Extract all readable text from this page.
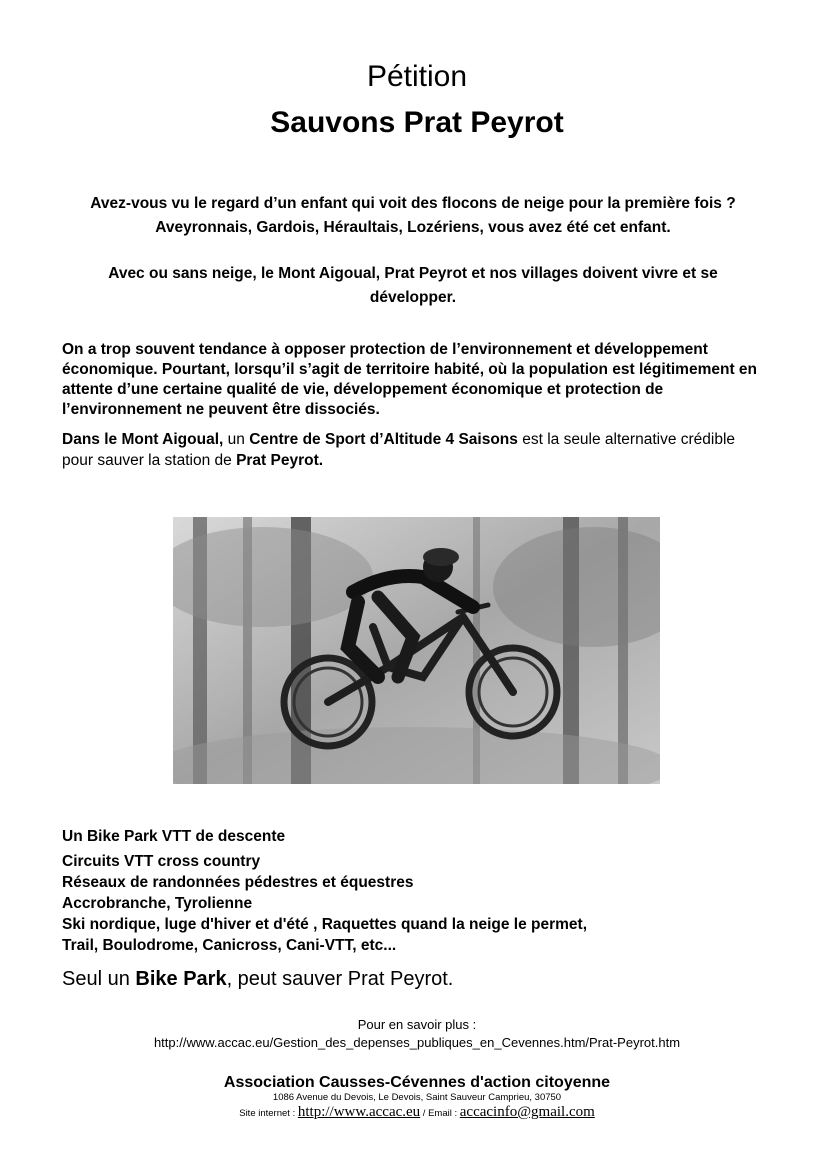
Pétition
Sauvons Prat Peyrot
Avez-vous vu le regard d’un enfant qui voit des flocons de neige pour la première fois ?
Aveyronnais, Gardois, Héraultais, Lozériens, vous avez été cet enfant.
Avec ou sans neige, le Mont Aigoual, Prat Peyrot et nos villages doivent vivre et se
développer.
On a trop souvent tendance à opposer protection de l’environnement et développement économique. Pourtant, lorsqu’il s’agit de territoire habité, où la population est légitimement en attente d’une certaine qualité de vie, développement économique et protection de l’environnement ne peuvent être dissociés.
Dans le Mont Aigoual, un Centre de Sport d’Altitude 4 Saisons est la seule alternative crédible pour sauver la station de Prat Peyrot.
Un Bike Park VTT de descente
Circuits VTT cross country
Réseaux de randonnées pédestres et équestres
Accrobranche, Tyrolienne
Ski nordique, luge d'hiver et d'été , Raquettes quand la neige le permet,
Trail, Boulodrome, Canicross, Cani-VTT, etc...
Seul un Bike Park, peut sauver Prat Peyrot.
Pour en savoir plus :
http://www.accac.eu/Gestion_des_depenses_publiques_en_Cevennes.htm/Prat-Peyrot.htm
Association Causses-Cévennes d'action citoyenne
1086 Avenue du Devois, Le Devois, Saint Sauveur Camprieu, 30750
Site internet : http://www.accac.eu / Email : accacinfo@gmail.com
